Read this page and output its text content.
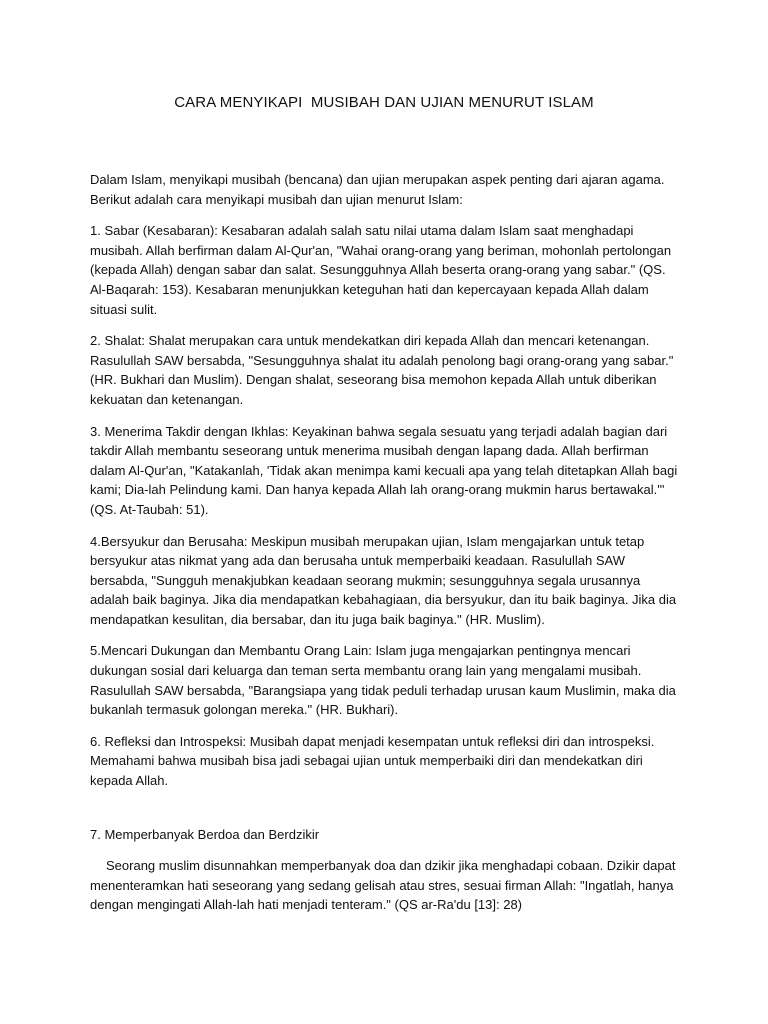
CARA MENYIKAPI  MUSIBAH DAN UJIAN MENURUT ISLAM

Dalam Islam, menyikapi musibah (bencana) dan ujian merupakan aspek penting dari ajaran agama. Berikut adalah cara menyikapi musibah dan ujian menurut Islam:

1. Sabar (Kesabaran): Kesabaran adalah salah satu nilai utama dalam Islam saat menghadapi musibah. Allah berfirman dalam Al-Qur'an, "Wahai orang-orang yang beriman, mohonlah pertolongan (kepada Allah) dengan sabar dan salat. Sesungguhnya Allah beserta orang-orang yang sabar." (QS. Al-Baqarah: 153). Kesabaran menunjukkan keteguhan hati dan kepercayaan kepada Allah dalam situasi sulit.

2. Shalat: Shalat merupakan cara untuk mendekatkan diri kepada Allah dan mencari ketenangan. Rasulullah SAW bersabda, "Sesungguhnya shalat itu adalah penolong bagi orang-orang yang sabar." (HR. Bukhari dan Muslim). Dengan shalat, seseorang bisa memohon kepada Allah untuk diberikan kekuatan dan ketenangan.

3. Menerima Takdir dengan Ikhlas: Keyakinan bahwa segala sesuatu yang terjadi adalah bagian dari takdir Allah membantu seseorang untuk menerima musibah dengan lapang dada. Allah berfirman dalam Al-Qur'an, "Katakanlah, 'Tidak akan menimpa kami kecuali apa yang telah ditetapkan Allah bagi kami; Dia-lah Pelindung kami. Dan hanya kepada Allah lah orang-orang mukmin harus bertawakal.'" (QS. At-Taubah: 51).

4.Bersyukur dan Berusaha: Meskipun musibah merupakan ujian, Islam mengajarkan untuk tetap bersyukur atas nikmat yang ada dan berusaha untuk memperbaiki keadaan. Rasulullah SAW bersabda, "Sungguh menakjubkan keadaan seorang mukmin; sesungguhnya segala urusannya adalah baik baginya. Jika dia mendapatkan kebahagiaan, dia bersyukur, dan itu baik baginya. Jika dia mendapatkan kesulitan, dia bersabar, dan itu juga baik baginya." (HR. Muslim).

5.Mencari Dukungan dan Membantu Orang Lain: Islam juga mengajarkan pentingnya mencari dukungan sosial dari keluarga dan teman serta membantu orang lain yang mengalami musibah. Rasulullah SAW bersabda, "Barangsiapa yang tidak peduli terhadap urusan kaum Muslimin, maka dia bukanlah termasuk golongan mereka." (HR. Bukhari).

6. Refleksi dan Introspeksi: Musibah dapat menjadi kesempatan untuk refleksi diri dan introspeksi. Memahami bahwa musibah bisa jadi sebagai ujian untuk memperbaiki diri dan mendekatkan diri kepada Allah.

7. Memperbanyak Berdoa dan Berdzikir

Seorang muslim disunnahkan memperbanyak doa dan dzikir jika menghadapi cobaan. Dzikir dapat menenteramkan hati seseorang yang sedang gelisah atau stres, sesuai firman Allah: "Ingatlah, hanya dengan mengingati Allah-lah hati menjadi tenteram." (QS ar-Ra'du [13]: 28)
